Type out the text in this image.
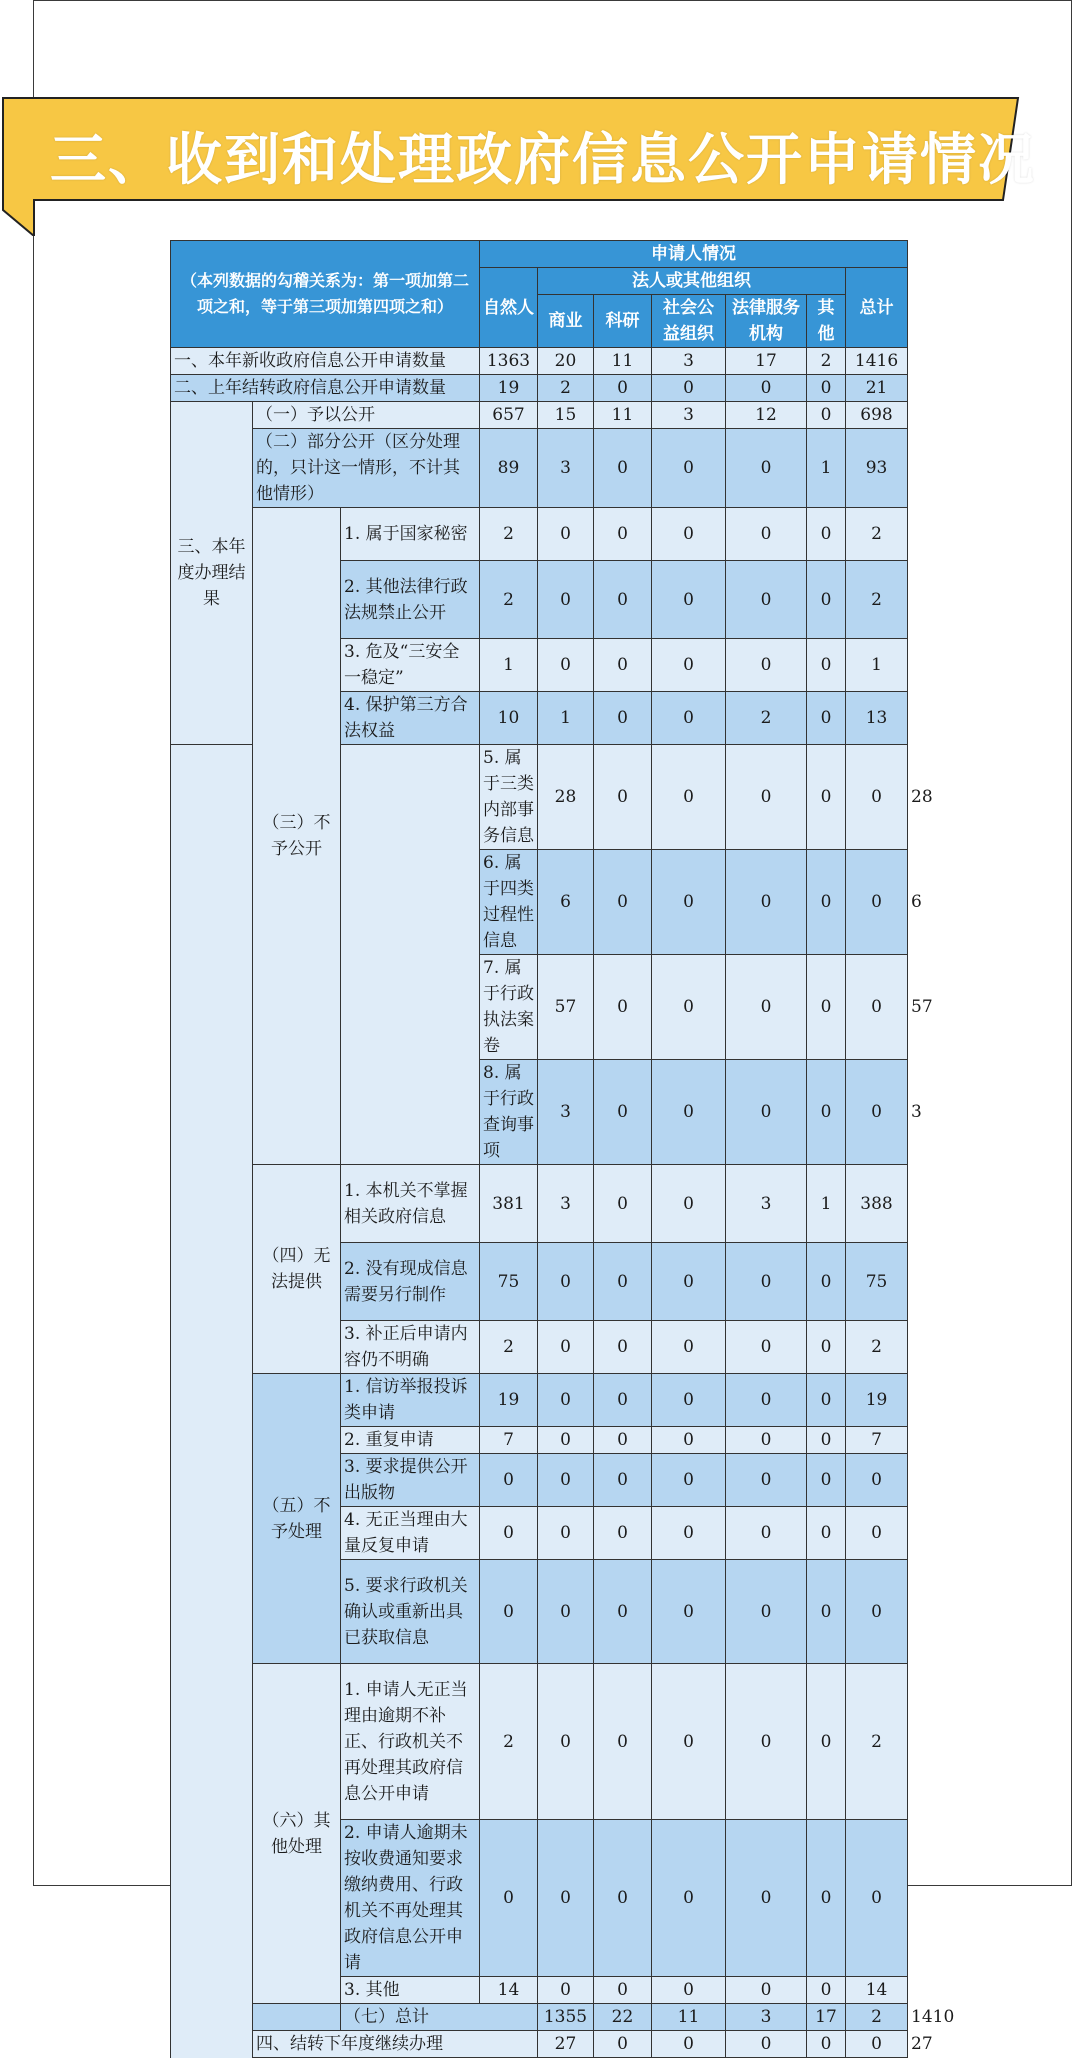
三、收到和处理政府信息公开申请情况
（本列数据的勾稽关系为：第一项加第二项之和，等于第三项加第四项之和）			申请人情况							
			自然人	法人或其他组织					总计	
				商业	科研	社会公益组织	法律服务机构	其他		
一、本年新收政府信息公开申请数量			1363	20	11	3	17	2	1416	
二、上年结转政府信息公开申请数量			19	2	0	0	0	0	21	
三、本年度办理结果	（一）予以公开		657	15	11	3	12	0	698	
	（二）部分公开（区分处理的，只计这一情形，不计其他情形）		89	3	0	0	0	1	93	
	（三）不予公开	1. 属于国家秘密	2	0	0	0	0	0	2	
		2. 其他法律行政法规禁止公开	2	0	0	0	0	0	2	
		3. 危及“三安全一稳定”	1	0	0	0	0	0	1	
		4. 保护第三方合法权益	10	1	0	0	2	0	13	
			5. 属于三类内部事务信息	28	0	0	0	0	0	28
			6. 属于四类过程性信息	6	0	0	0	0	0	6
			7. 属于行政执法案卷	57	0	0	0	0	0	57
			8. 属于行政查询事项	3	0	0	0	0	0	3
	（四）无法提供	1. 本机关不掌握相关政府信息	381	3	0	0	3	1	388	
		2. 没有现成信息需要另行制作	75	0	0	0	0	0	75	
		3. 补正后申请内容仍不明确	2	0	0	0	0	0	2	
	（五）不予处理	1. 信访举报投诉类申请	19	0	0	0	0	0	19	
		2. 重复申请	7	0	0	0	0	0	7	
		3. 要求提供公开出版物	0	0	0	0	0	0	0	
		4. 无正当理由大量反复申请	0	0	0	0	0	0	0	
		5. 要求行政机关确认或重新出具已获取信息	0	0	0	0	0	0	0	
	（六）其他处理	1. 申请人无正当理由逾期不补正、行政机关不再处理其政府信息公开申请	2	0	0	0	0	0	2	
		2. 申请人逾期未按收费通知要求缴纳费用、行政机关不再处理其政府信息公开申请	0	0	0	0	0	0	0	
		3. 其他	14	0	0	0	0	0	14	
		（七）总计		1355	22	11	3	17	2	1410
	四、结转下年度继续办理			27	0	0	0	0	0	27
